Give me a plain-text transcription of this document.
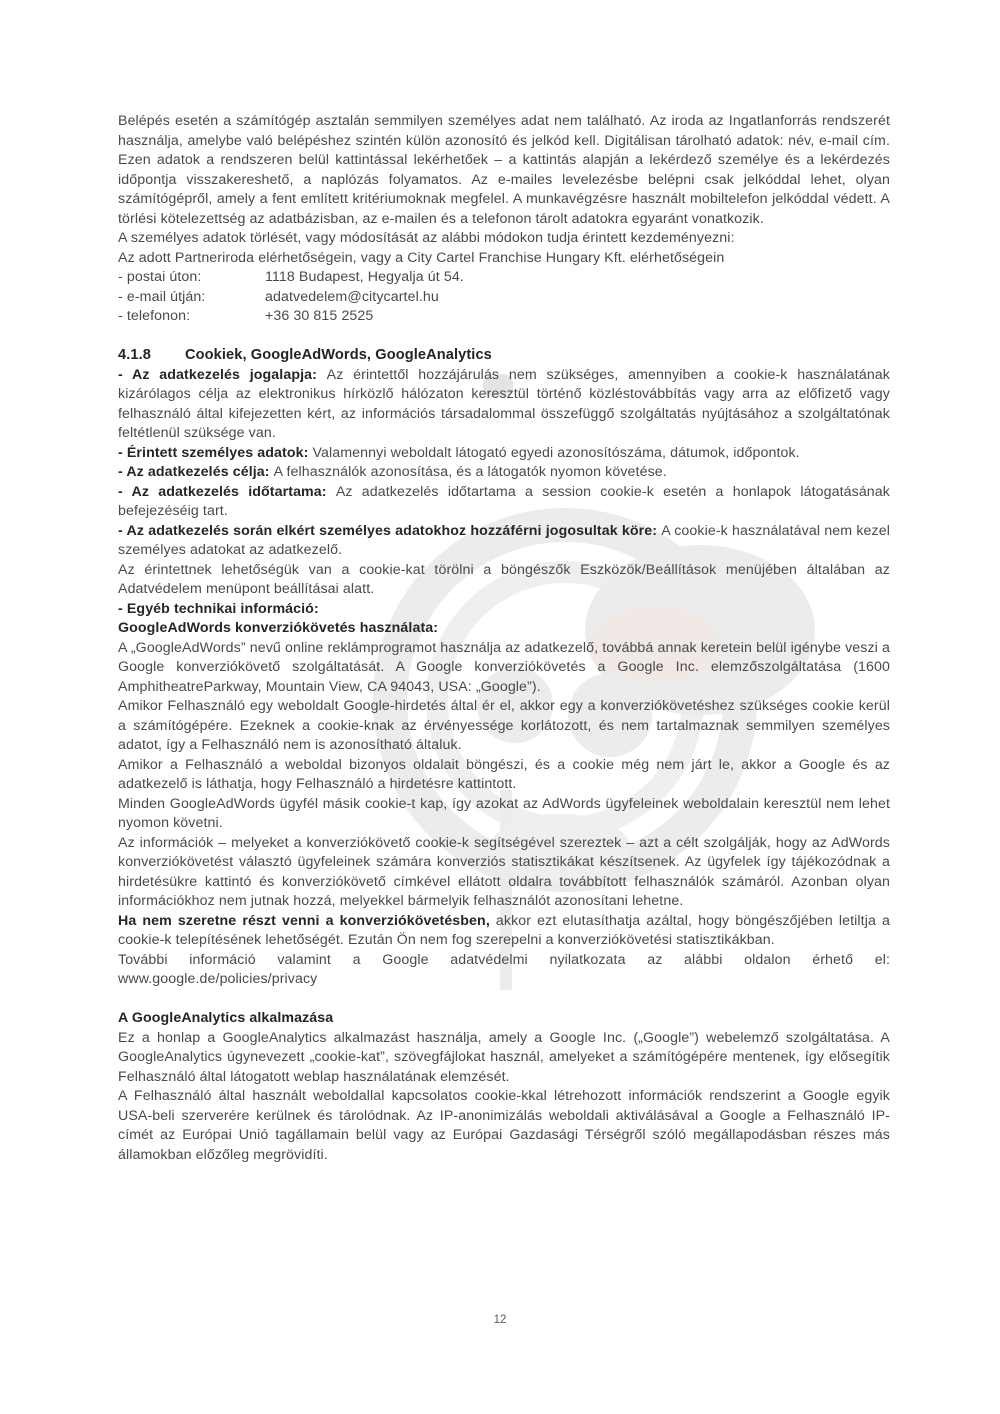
Belépés esetén a számítógép asztalán semmilyen személyes adat nem található. Az iroda az Ingatlanforrás rendszerét használja, amelybe való belépéshez szintén külön azonosító és jelkód kell. Digitálisan tárolható adatok: név, e-mail cím. Ezen adatok a rendszeren belül kattintással lekérhetőek – a kattintás alapján a lekérdező személye és a lekérdezés időpontja visszakereshető, a naplózás folyamatos. Az e-mailes levelezésbe belépni csak jelkóddal lehet, olyan számítógépről, amely a fent említett kritériumoknak megfelel. A munkavégzésre használt mobiltelefon jelkóddal védett. A törlési kötelezettség az adatbázisban, az e-mailen és a telefonon tárolt adatokra egyaránt vonatkozik.

A személyes adatok törlését, vagy módosítását az alábbi módokon tudja érintett kezdeményezni:

Az adott Partneriroda elérhetőségein, vagy a City Cartel Franchise Hungary Kft. elérhetőségein

- postai úton:	1118 Budapest, Hegyalja út 54.
- e-mail útján:	adatvedelem@citycartel.hu
- telefonon:	+36 30 815 2525
4.1.8 Cookiek, GoogleAdWords, GoogleAnalytics

- Az adatkezelés jogalapja: Az érintettől hozzájárulás nem szükséges, amennyiben a cookie-k használatának kizárólagos célja az elektronikus hírközlő hálózaton keresztül történő közléstovábbítás vagy arra az előfizető vagy felhasználó által kifejezetten kért, az információs társadalommal összefüggő szolgáltatás nyújtásához a szolgáltatónak feltétlenül szüksége van.

- Érintett személyes adatok: Valamennyi weboldalt látogató egyedi azonosítószáma, dátumok, időpontok.

- Az adatkezelés célja: A felhasználók azonosítása, és a látogatók nyomon követése.

- Az adatkezelés időtartama: Az adatkezelés időtartama a session cookie-k esetén a honlapok látogatásának befejezéséig tart.

- Az adatkezelés során elkért személyes adatokhoz hozzáférni jogosultak köre: A cookie-k használatával nem kezel személyes adatokat az adatkezelő.

Az érintettnek lehetőségük van a cookie-kat törölni a böngészők Eszközök/Beállítások menüjében általában az Adatvédelem menüpont beállításai alatt.

- Egyéb technikai információ:

GoogleAdWords konverziókövetés használata:

A „GoogleAdWords” nevű online reklámprogramot használja az adatkezelő, továbbá annak keretein belül igénybe veszi a Google konverziókövető szolgáltatását. A Google konverziókövetés a Google Inc. elemzőszolgáltatása (1600 AmphitheatreParkway, Mountain View, CA 94043, USA: „Google”).

Amikor Felhasználó egy weboldalt Google-hirdetés által ér el, akkor egy a konverziókövetéshez szükséges cookie kerül a számítógépére. Ezeknek a cookie-knak az érvényessége korlátozott, és nem tartalmaznak semmilyen személyes adatot, így a Felhasználó nem is azonosítható általuk.

Amikor a Felhasználó a weboldal bizonyos oldalait böngészi, és a cookie még nem járt le, akkor a Google és az adatkezelő is láthatja, hogy Felhasználó a hirdetésre kattintott.

Minden GoogleAdWords ügyfél másik cookie-t kap, így azokat az AdWords ügyfeleinek weboldalain keresztül nem lehet nyomon követni.

Az információk – melyeket a konverziókövető cookie-k segítségével szereztek – azt a célt szolgálják, hogy az AdWords konverziókövetést választó ügyfeleinek számára konverziós statisztikákat készítsenek. Az ügyfelek így tájékozódnak a hirdetésükre kattintó és konverziókövető címkével ellátott oldalra továbbított felhasználók számáról. Azonban olyan információkhoz nem jutnak hozzá, melyekkel bármelyik felhasználót azonosítani lehetne.

Ha nem szeretne részt venni a konverziókövetésben, akkor ezt elutasíthatja azáltal, hogy böngészőjében letiltja a cookie-k telepítésének lehetőségét. Ezután Ön nem fog szerepelni a konverziókövetési statisztikákban.

További információ valamint a Google adatvédelmi nyilatkozata az alábbi oldalon érhető el: www.google.de/policies/privacy

A GoogleAnalytics alkalmazása

Ez a honlap a GoogleAnalytics alkalmazást használja, amely a Google Inc. („Google”) webelemző szolgáltatása. A GoogleAnalytics úgynevezett „cookie-kat”, szövegfájlokat használ, amelyeket a számítógépére mentenek, így elősegítik Felhasználó által látogatott weblap használatának elemzését.

A Felhasználó által használt weboldallal kapcsolatos cookie-kkal létrehozott információk rendszerint a Google egyik USA-beli szerverére kerülnek és tárolódnak. Az IP-anonimizálás weboldali aktiválásával a Google a Felhasználó IP-címét az Európai Unió tagállamain belül vagy az Európai Gazdasági Térségről szóló megállapodásban részes más államokban előzőleg megrövidíti.

12
